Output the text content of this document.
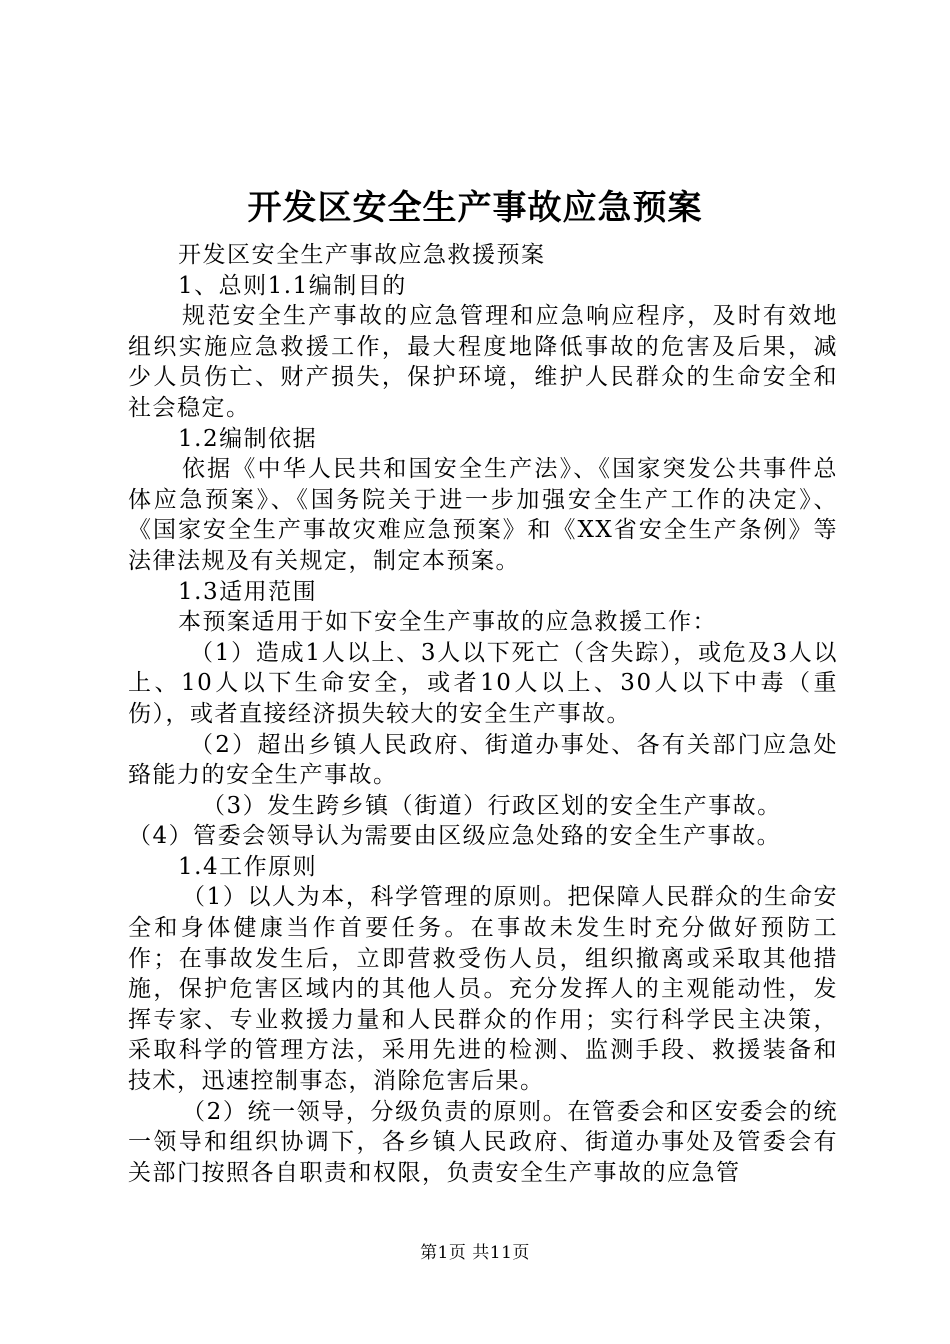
开发区安全生产事故应急预案

开发区安全生产事故应急救援预案

1、总则1.1编制目的

规范安全生产事故的应急管理和应急响应程序，及时有效地组织实施应急救援工作，最大程度地降低事故的危害及后果，减少人员伤亡、财产损失，保护环境，维护人民群众的生命安全和社会稳定。

1.2编制依据

依据《中华人民共和国安全生产法》、《国家突发公共事件总体应急预案》、《国务院关于进一步加强安全生产工作的决定》、《国家安全生产事故灾难应急预案》和《XX省安全生产条例》等法律法规及有关规定，制定本预案。

1.3适用范围

本预案适用于如下安全生产事故的应急救援工作：

（1）造成1人以上、3人以下死亡（含失踪），或危及3人以上、10人以下生命安全，或者10人以上、30人以下中毒（重伤），或者直接经济损失较大的安全生产事故。

（2）超出乡镇人民政府、街道办事处、各有关部门应急处臵能力的安全生产事故。

（3）发生跨乡镇（街道）行政区划的安全生产事故。

（4）管委会领导认为需要由区级应急处臵的安全生产事故。

1.4工作原则

（1）以人为本，科学管理的原则。把保障人民群众的生命安全和身体健康当作首要任务。在事故未发生时充分做好预防工作；在事故发生后，立即营救受伤人员，组织撤离或采取其他措施，保护危害区域内的其他人员。充分发挥人的主观能动性，发挥专家、专业救援力量和人民群众的作用；实行科学民主决策，采取科学的管理方法，采用先进的检测、监测手段、救援装备和技术，迅速控制事态，消除危害后果。

（2）统一领导，分级负责的原则。在管委会和区安委会的统一领导和组织协调下，各乡镇人民政府、街道办事处及管委会有关部门按照各自职责和权限，负责安全生产事故的应急管

第1页 共11页
